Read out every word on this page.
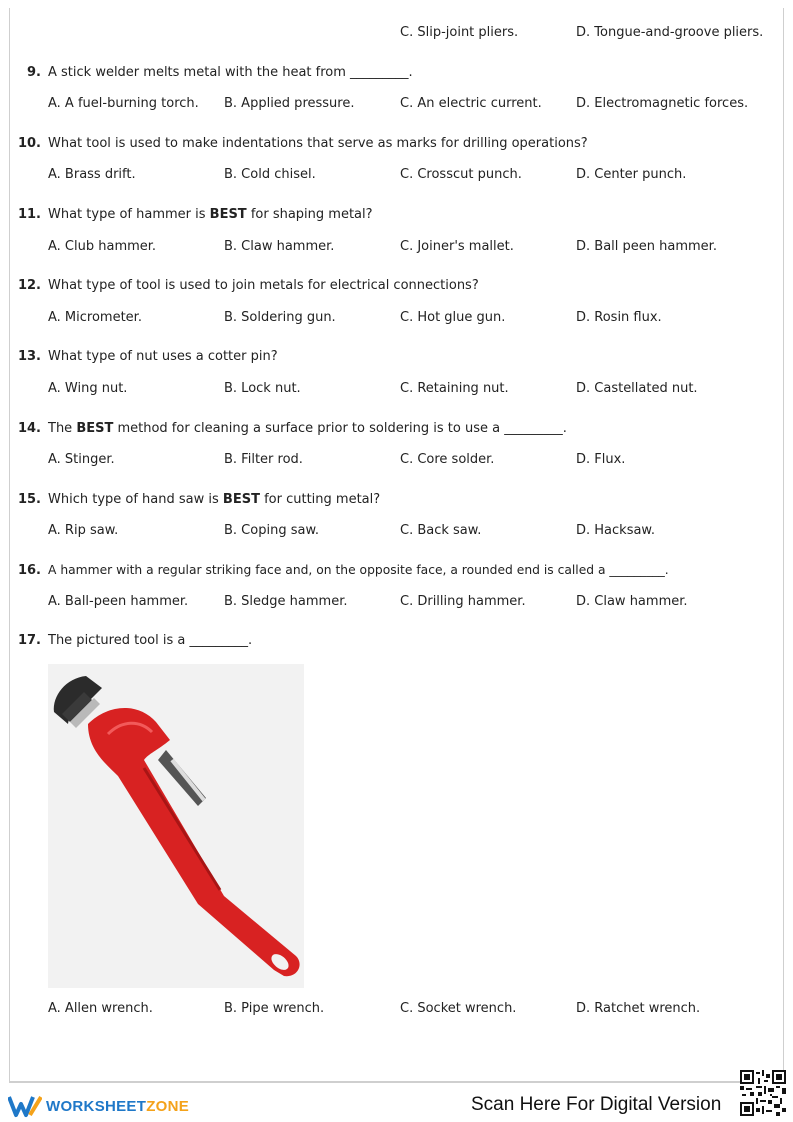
C. Slip-joint pliers.	D. Tongue-and-groove pliers.
9. A stick welder melts metal with the heat from _________.
A. A fuel-burning torch. B. Applied pressure.	C. An electric current.	D. Electromagnetic forces.
10. What tool is used to make indentations that serve as marks for drilling operations?
A. Brass drift.	B. Cold chisel.	C. Crosscut punch.	D. Center punch.
11. What type of hammer is BEST for shaping metal?
A. Club hammer.	B. Claw hammer.	C. Joiner's mallet.	D. Ball peen hammer.
12. What type of tool is used to join metals for electrical connections?
A. Micrometer.	B. Soldering gun.	C. Hot glue gun.	D. Rosin flux.
13. What type of nut uses a cotter pin?
A. Wing nut.	B. Lock nut.	C. Retaining nut.	D. Castellated nut.
14. The BEST method for cleaning a surface prior to soldering is to use a _________.
A. Stinger.	B. Filter rod.	C. Core solder.	D. Flux.
15. Which type of hand saw is BEST for cutting metal?
A. Rip saw.	B. Coping saw.	C. Back saw.	D. Hacksaw.
16. A hammer with a regular striking face and, on the opposite face, a rounded end is called a _________.
A. Ball-peen hammer.	B. Sledge hammer.	C. Drilling hammer.	D. Claw hammer.
17. The pictured tool is a _________.
A. Allen wrench.	B. Pipe wrench.	C. Socket wrench.	D. Ratchet wrench.
WORKSHEETZONE	Scan Here For Digital Version
